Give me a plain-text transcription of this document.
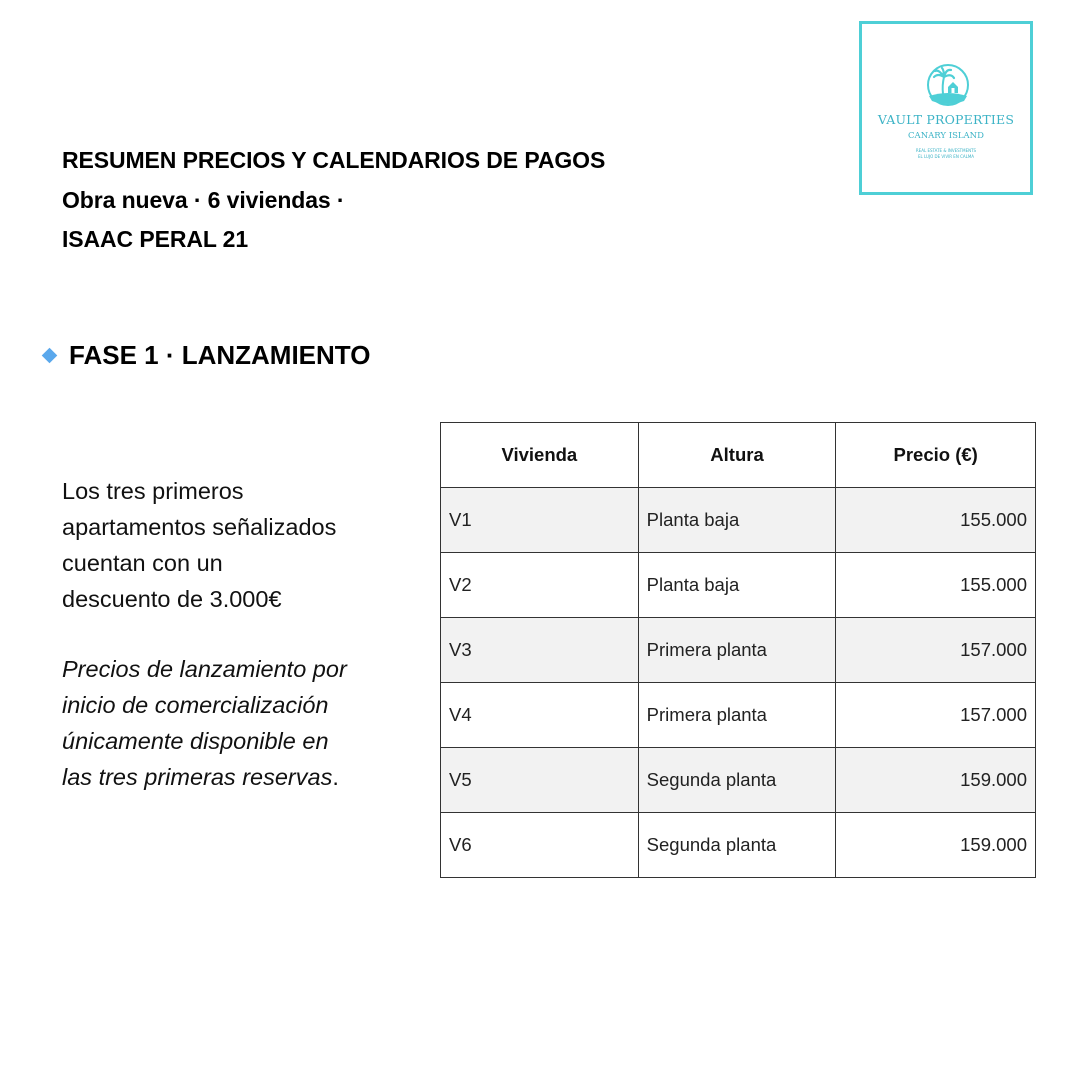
VAULT PROPERTIES
CANARY ISLAND
REAL ESTATE & INVESTMENTS
EL LUJO DE VIVIR EN CALMA
RESUMEN PRECIOS Y CALENDARIOS DE PAGOS
Obra nueva · 6 viviendas ·
ISAAC PERAL 21
FASE 1 · LANZAMIENTO
Los tres primeros
apartamentos señalizados
cuentan con un
descuento de 3.000€
Precios de lanzamiento por
inicio de comercialización
únicamente disponible en
las tres primeras reservas.
Vivienda	Altura	Precio (€)
V1	Planta baja	155.000
V2	Planta baja	155.000
V3	Primera planta	157.000
V4	Primera planta	157.000
V5	Segunda planta	159.000
V6	Segunda planta	159.000
